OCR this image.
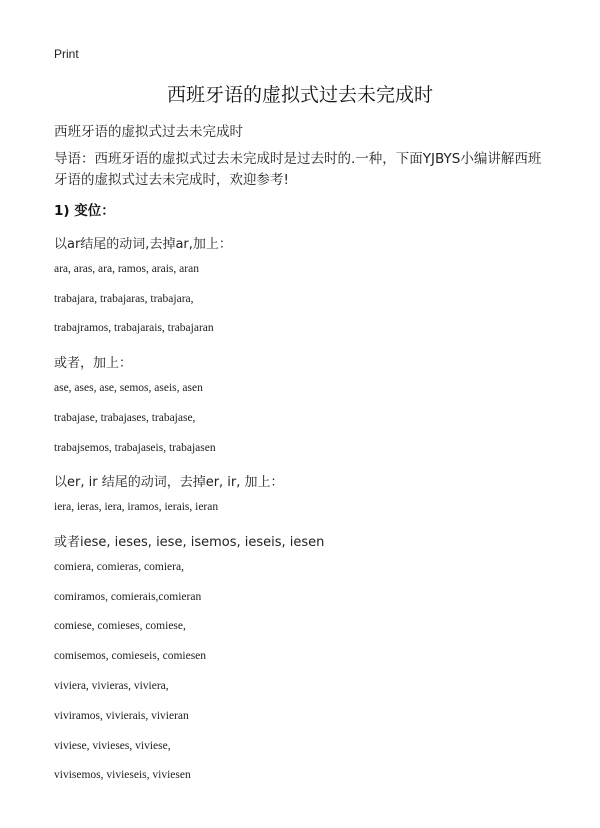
Print
西班牙语的虚拟式过去未完成时

西班牙语的虚拟式过去未完成时

导语：西班牙语的虚拟式过去未完成时是过去时的.一种，下面YJBYS小编讲解西班牙语的虚拟式过去未完成时，欢迎参考!

1) 变位：

以ar结尾的动词,去掉ar,加上：

ara, aras, ara, ramos, arais, aran

trabajara, trabajaras, trabajara,

trabajramos, trabajarais, trabajaran

或者，加上：

ase, ases, ase, semos, aseis, asen

trabajase, trabajases, trabajase,

trabajsemos, trabajaseis, trabajasen

以er, ir 结尾的动词，去掉er, ir, 加上：

iera, ieras, iera, iramos, ierais, ieran

或者iese, ieses, iese, isemos, ieseis, iesen

comiera, comieras, comiera,

comiramos, comierais,comieran

comiese, comieses, comiese,

comisemos, comieseis, comiesen

viviera, vivieras, viviera,

viviramos, vivierais, vivieran

viviese, vivieses, viviese,

vivisemos, vivieseis, viviesen
